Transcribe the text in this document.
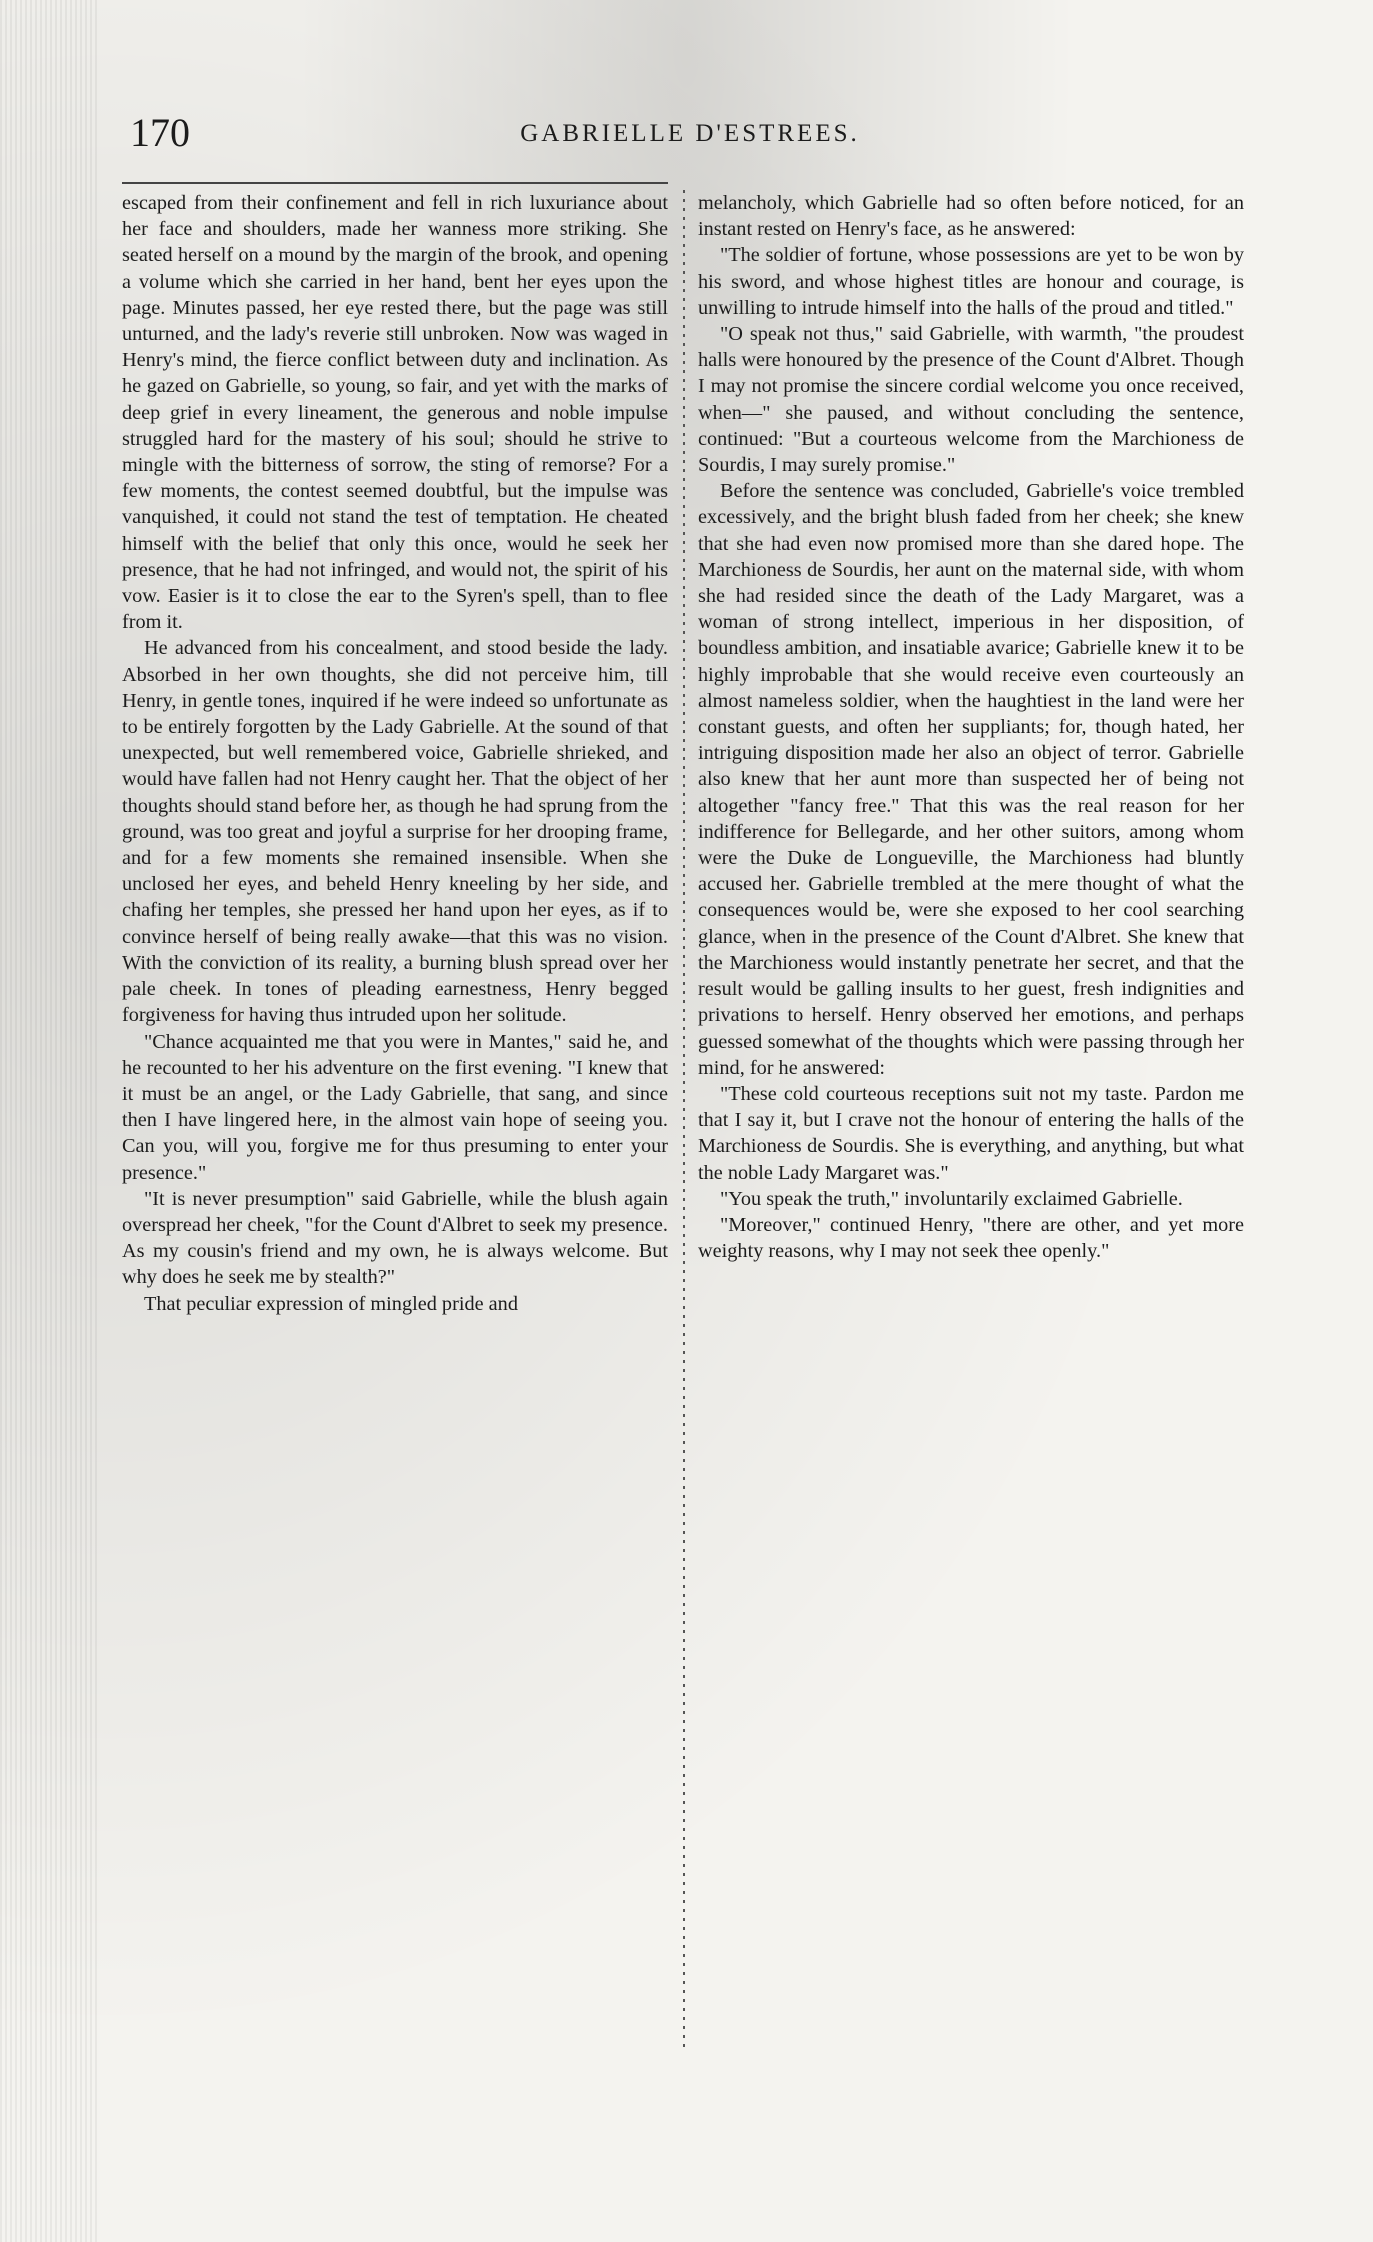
170	GABRIELLE D'ESTREES.

escaped from their confinement and fell in rich luxuriance about her face and shoulders, made her wanness more striking. She seated herself on a mound by the margin of the brook, and opening a volume which she carried in her hand, bent her eyes upon the page. Minutes passed, her eye rested there, but the page was still unturned, and the lady's reverie still unbroken. Now was waged in Henry's mind, the fierce conflict between duty and inclination. As he gazed on Gabrielle, so young, so fair, and yet with the marks of deep grief in every lineament, the generous and noble impulse struggled hard for the mastery of his soul; should he strive to mingle with the bitterness of sorrow, the sting of remorse? For a few moments, the contest seemed doubtful, but the impulse was vanquished, it could not stand the test of temptation. He cheated himself with the belief that only this once, would he seek her presence, that he had not infringed, and would not, the spirit of his vow. Easier is it to close the ear to the Syren's spell, than to flee from it.

He advanced from his concealment, and stood beside the lady. Absorbed in her own thoughts, she did not perceive him, till Henry, in gentle tones, inquired if he were indeed so unfortunate as to be entirely forgotten by the Lady Gabrielle. At the sound of that unexpected, but well remembered voice, Gabrielle shrieked, and would have fallen had not Henry caught her. That the object of her thoughts should stand before her, as though he had sprung from the ground, was too great and joyful a surprise for her drooping frame, and for a few moments she remained insensible. When she unclosed her eyes, and beheld Henry kneeling by her side, and chafing her temples, she pressed her hand upon her eyes, as if to convince herself of being really awake—that this was no vision. With the conviction of its reality, a burning blush spread over her pale cheek. In tones of pleading earnestness, Henry begged forgiveness for having thus intruded upon her solitude.

"Chance acquainted me that you were in Mantes," said he, and he recounted to her his adventure on the first evening. "I knew that it must be an angel, or the Lady Gabrielle, that sang, and since then I have lingered here, in the almost vain hope of seeing you. Can you, will you, forgive me for thus presuming to enter your presence."

"It is never presumption" said Gabrielle, while the blush again overspread her cheek, "for the Count d'Albret to seek my presence. As my cousin's friend and my own, he is always welcome. But why does he seek me by stealth?"

That peculiar expression of mingled pride and

melancholy, which Gabrielle had so often before noticed, for an instant rested on Henry's face, as he answered:

"The soldier of fortune, whose possessions are yet to be won by his sword, and whose highest titles are honour and courage, is unwilling to intrude himself into the halls of the proud and titled."

"O speak not thus," said Gabrielle, with warmth, "the proudest halls were honoured by the presence of the Count d'Albret. Though I may not promise the sincere cordial welcome you once received, when—" she paused, and without concluding the sentence, continued: "But a courteous welcome from the Marchioness de Sourdis, I may surely promise."

Before the sentence was concluded, Gabrielle's voice trembled excessively, and the bright blush faded from her cheek; she knew that she had even now promised more than she dared hope. The Marchioness de Sourdis, her aunt on the maternal side, with whom she had resided since the death of the Lady Margaret, was a woman of strong intellect, imperious in her disposition, of boundless ambition, and insatiable avarice; Gabrielle knew it to be highly improbable that she would receive even courteously an almost nameless soldier, when the haughtiest in the land were her constant guests, and often her suppliants; for, though hated, her intriguing disposition made her also an object of terror. Gabrielle also knew that her aunt more than suspected her of being not altogether "fancy free." That this was the real reason for her indifference for Bellegarde, and her other suitors, among whom were the Duke de Longueville, the Marchioness had bluntly accused her. Gabrielle trembled at the mere thought of what the consequences would be, were she exposed to her cool searching glance, when in the presence of the Count d'Albret. She knew that the Marchioness would instantly penetrate her secret, and that the result would be galling insults to her guest, fresh indignities and privations to herself. Henry observed her emotions, and perhaps guessed somewhat of the thoughts which were passing through her mind, for he answered:

"These cold courteous receptions suit not my taste. Pardon me that I say it, but I crave not the honour of entering the halls of the Marchioness de Sourdis. She is everything, and anything, but what the noble Lady Margaret was."

"You speak the truth," involuntarily exclaimed Gabrielle.

"Moreover," continued Henry, "there are other, and yet more weighty reasons, why I may not seek thee openly."
